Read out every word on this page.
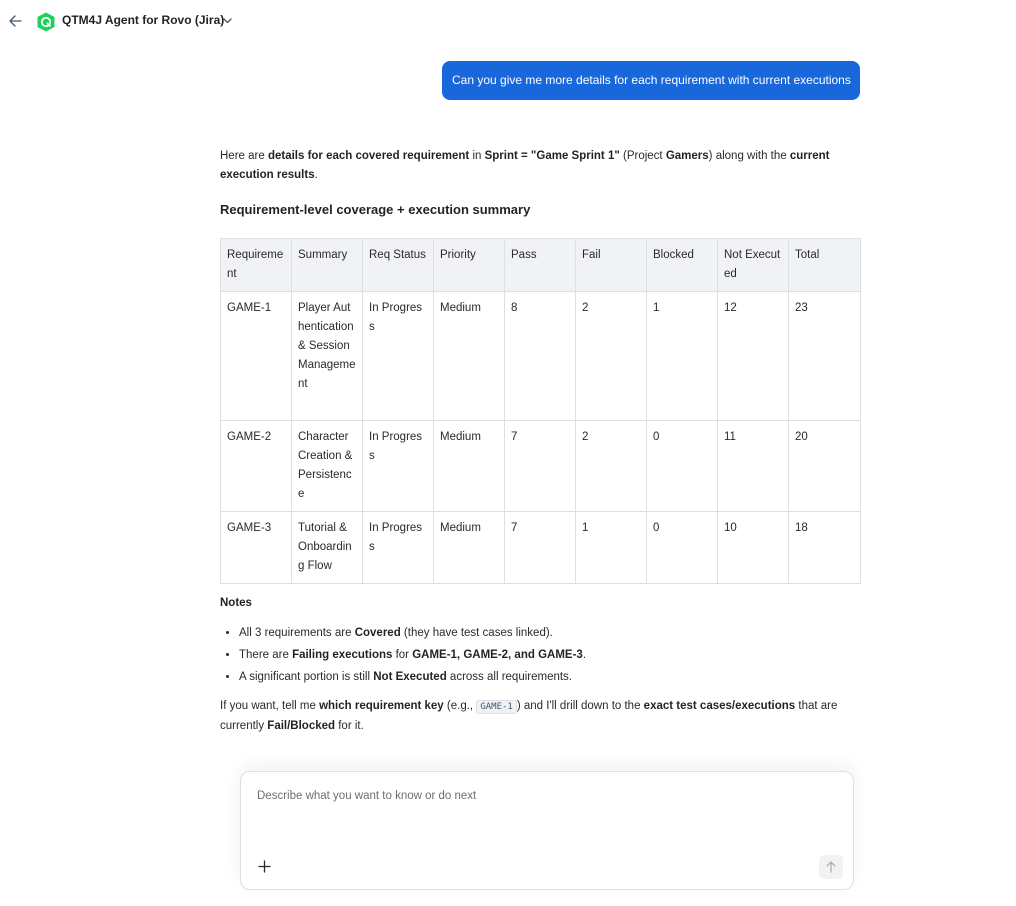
QTM4J Agent for Rovo (Jira)
Can you give me more details for each requirement with current executions

Here are details for each covered requirement in Sprint = "Game Sprint 1" (Project Gamers) along with the current execution results.

Requirement-level coverage + execution summary
Requirement	Summary	Req Status	Priority	Pass	Fail	Blocked	Not Executed	Total
GAME-1	Player Authentication & Session Management	In Progress	Medium	8	2	1	12	23
GAME-2	Character Creation & Persistence	In Progress	Medium	7	2	0	11	20
GAME-3	Tutorial & Onboarding Flow	In Progress	Medium	7	1	0	10	18
Notes
• All 3 requirements are Covered (they have test cases linked).
• There are Failing executions for GAME-1, GAME-2, and GAME-3.
• A significant portion is still Not Executed across all requirements.

If you want, tell me which requirement key (e.g., GAME-1 ) and I'll drill down to the exact test cases/executions that are currently Fail/Blocked for it.

Describe what you want to know or do next
